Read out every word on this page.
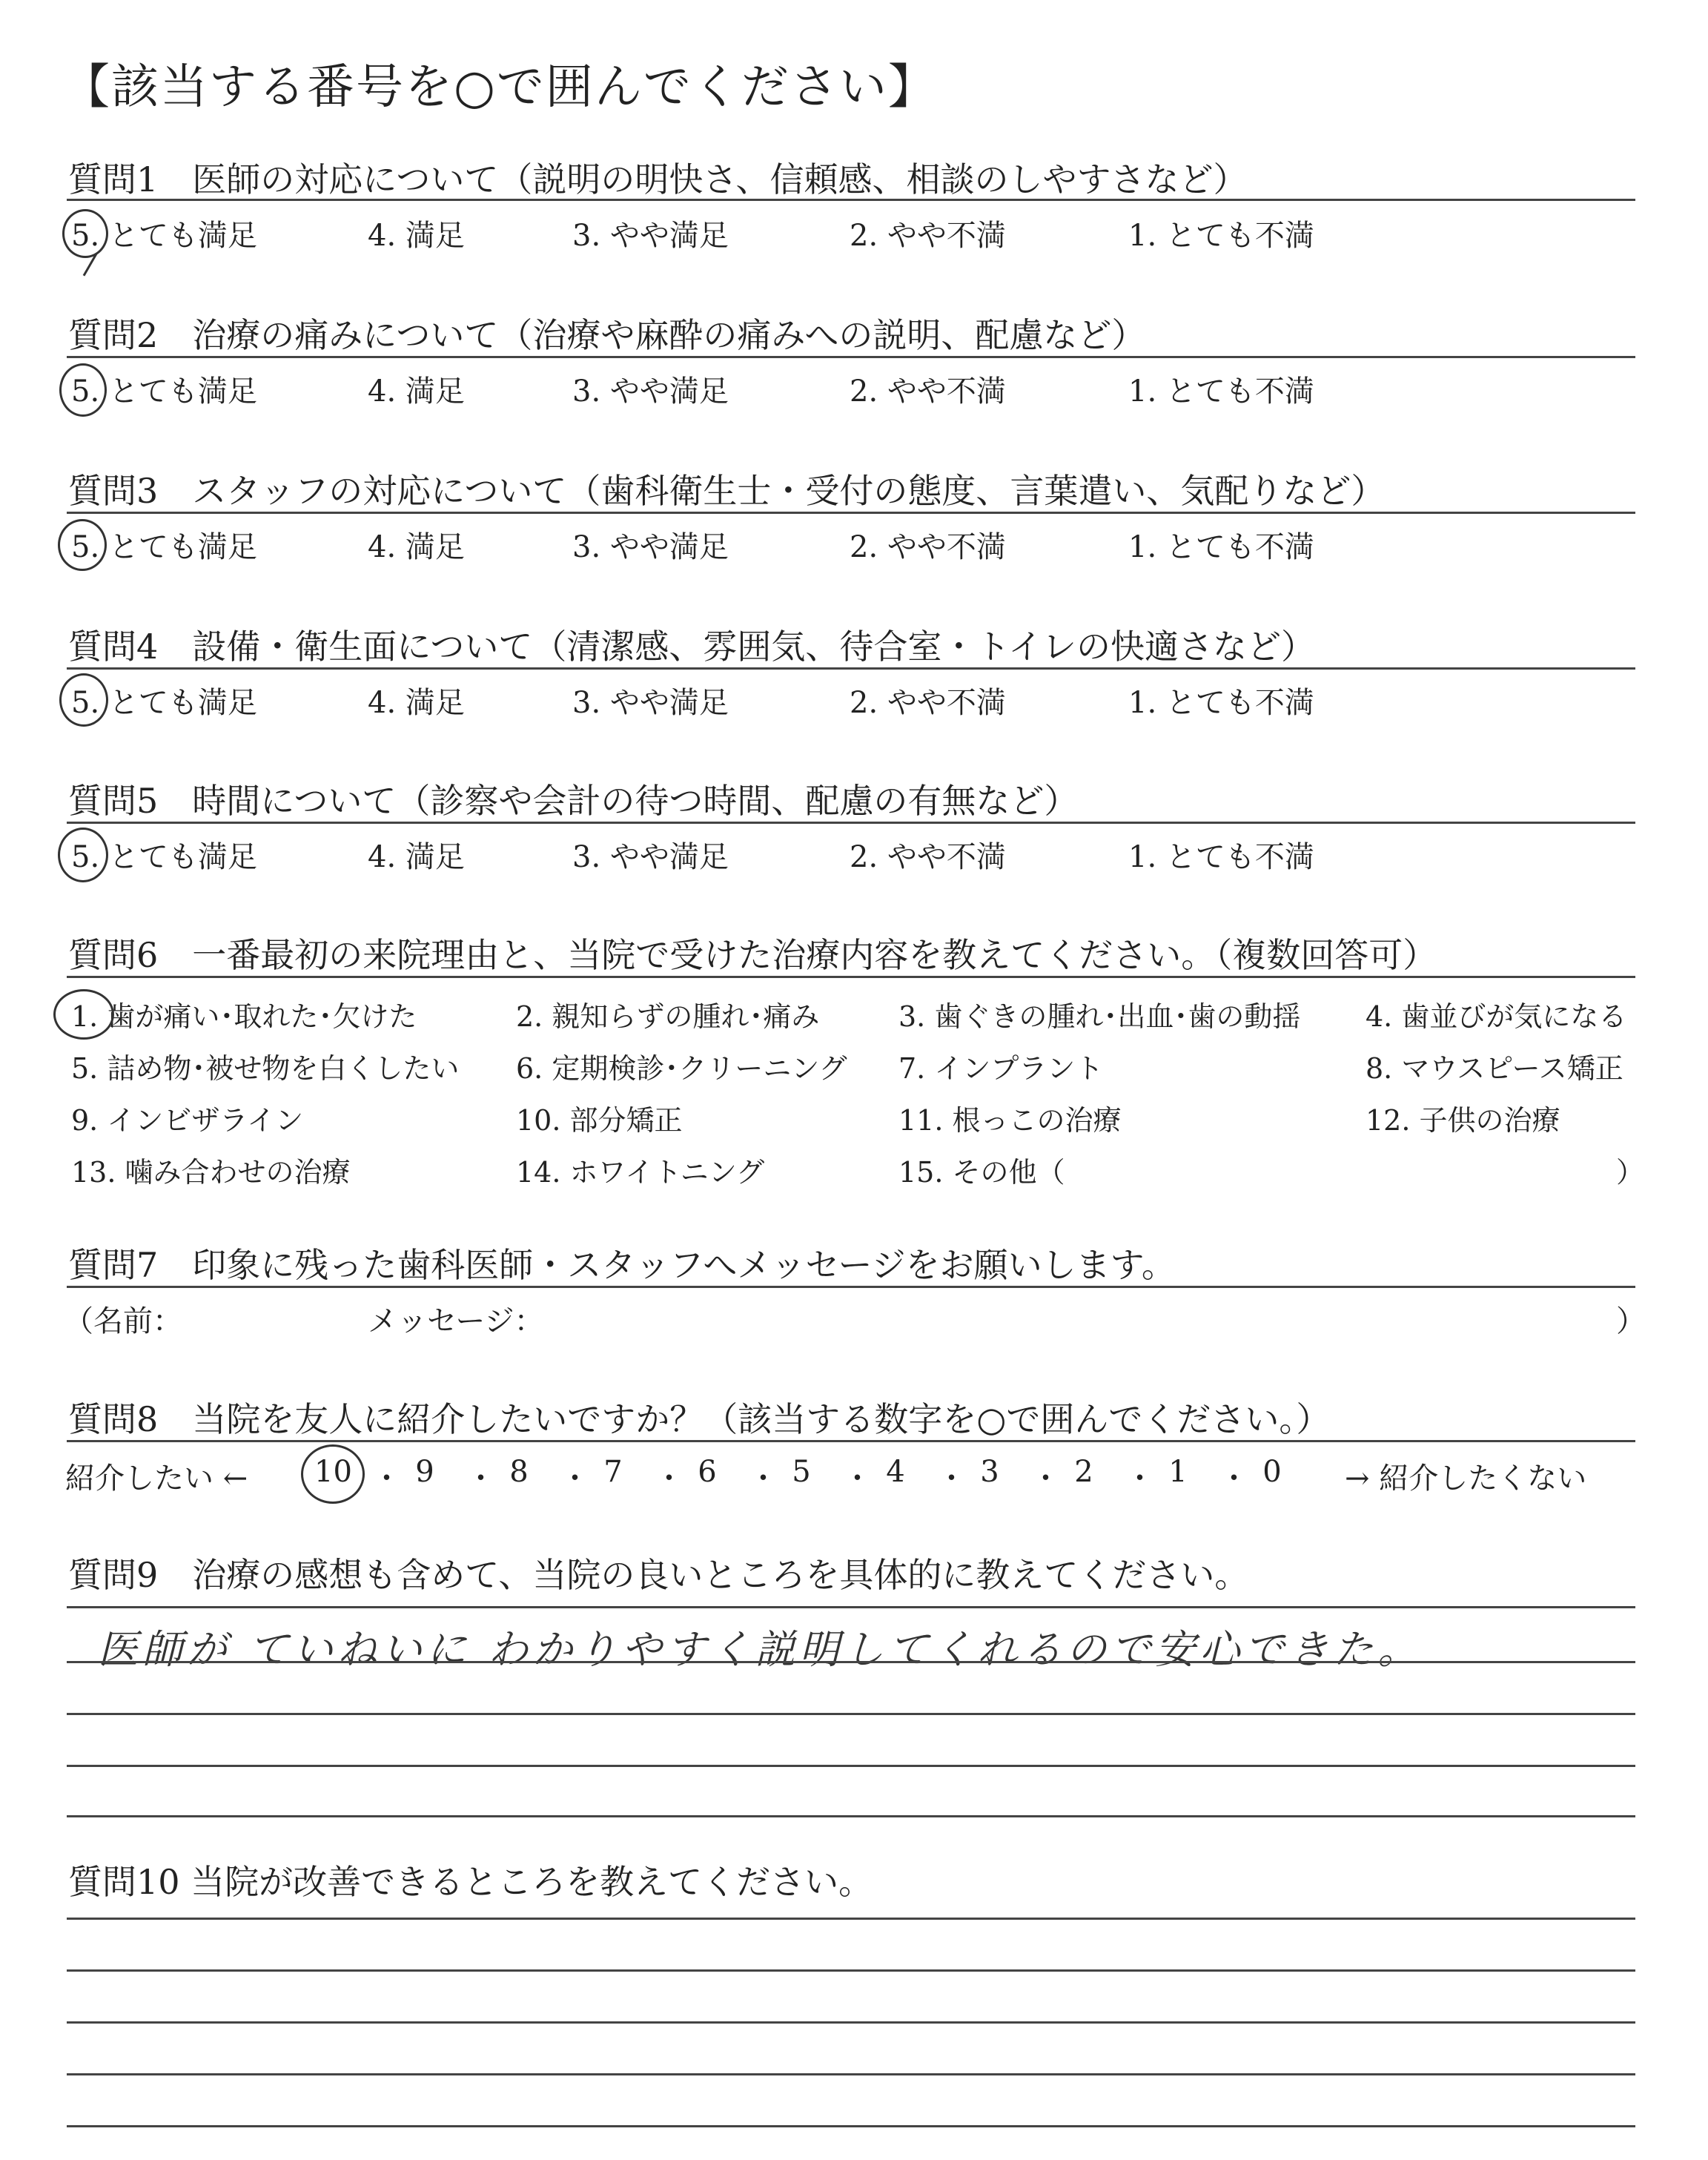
【該当する番号を○で囲んでください】
質問1　医師の対応について（説明の明快さ、信頼感、相談のしやすさなど）
5. とても満足	4. 満足	3. やや満足	2. やや不満	1. とても不満
質問2　治療の痛みについて（治療や麻酔の痛みへの説明、配慮など）
5. とても満足	4. 満足	3. やや満足	2. やや不満	1. とても不満
質問3　スタッフの対応について（歯科衛生士・受付の態度、言葉遣い、気配りなど）
5. とても満足	4. 満足	3. やや満足	2. やや不満	1. とても不満
質問4　設備・衛生面について（清潔感、雰囲気、待合室・トイレの快適さなど）
5. とても満足	4. 満足	3. やや満足	2. やや不満	1. とても不満
質問5　時間について（診察や会計の待つ時間、配慮の有無など）
5. とても満足	4. 満足	3. やや満足	2. やや不満	1. とても不満
質問6　一番最初の来院理由と、当院で受けた治療内容を教えてください。（複数回答可）
1. 歯が痛い･取れた･欠けた	2. 親知らずの腫れ･痛み	3. 歯ぐきの腫れ･出血･歯の動揺 4. 歯並びが気になる
5. 詰め物･被せ物を白くしたい 6. 定期検診･クリーニング 7. インプラント	8. マウスピース矯正
9. インビザライン	10. 部分矯正	11. 根っこの治療	12. 子供の治療
13. 噛み合わせの治療	14. ホワイトニング	15. その他（	）
質問7　印象に残った歯科医師・スタッフへメッセージをお願いします。
（名前：	メッセージ：	）
質問8　当院を友人に紹介したいですか？（該当する数字を○で囲んでください。）
紹介したい ←	→ 紹介したくない
10 ・ 9 ・ 8 ・ 7 ・ 6 ・ 5 ・ 4 ・ 3 ・ 2 ・ 1 ・ 0
質問9　治療の感想も含めて、当院の良いところを具体的に教えてください。
医師が ていねいに わかりやすく説明してくれるので安心できた。
質問10 当院が改善できるところを教えてください。
